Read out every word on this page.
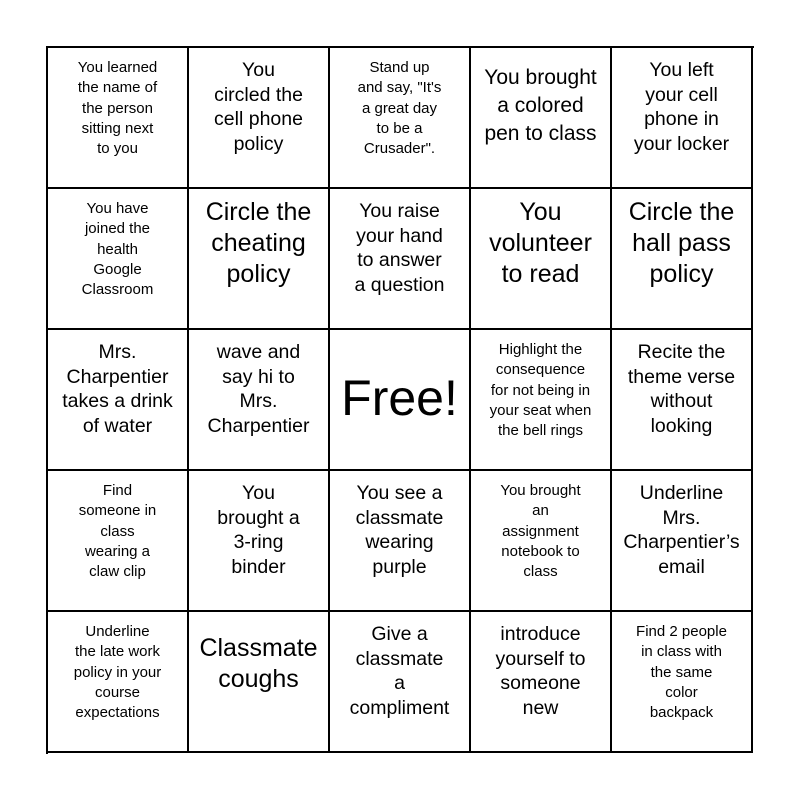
You learned
the name of
the person
sitting next
to you
You
circled the
cell phone
policy
Stand up
and say, "It's
a great day
to be a
Crusader".
You brought
a colored
pen to class
You left
your cell
phone in
your locker
You have
joined the
health
Google
Classroom
Circle the
cheating
policy
You raise
your hand
to answer
a question
You
volunteer
to read
Circle the
hall pass
policy
Mrs.
Charpentier
takes a drink
of water
wave and
say hi to
Mrs.
Charpentier Free!
Highlight the
consequence
for not being in
your seat when
the bell rings
Recite the
theme verse
without
looking
Find
someone in
class
wearing a
claw clip
You
brought a
3-ring
binder
You see a
classmate
wearing
purple
You brought
an
assignment
notebook to
class
Underline
Mrs.
Charpentier’s
email
Underline
the late work
policy in your
course
expectations
Classmate
coughs
Give a
classmate
a
compliment
introduce
yourself to
someone
new
Find 2 people
in class with
the same
color
backpack
